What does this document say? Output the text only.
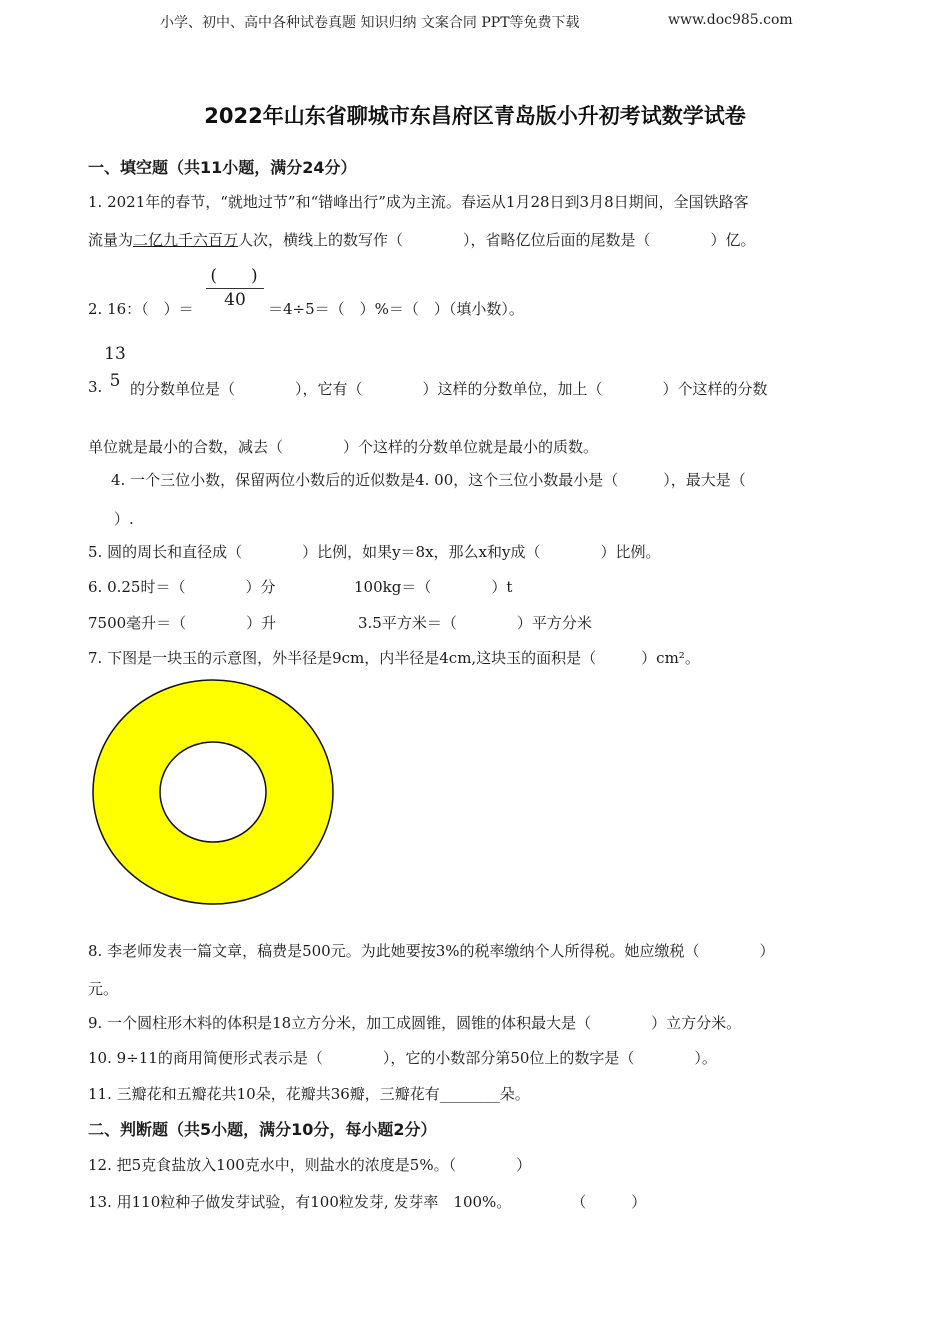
小学、初中、高中各种试卷真题 知识归纳 文案合同 PPT等免费下载	www.doc985.com
2022年山东省聊城市东昌府区青岛版小升初考试数学试卷
一、填空题（共11小题，满分24分）
1. 2021年的春节，“就地过节”和“错峰出行”成为主流。春运从1月28日到3月8日期间，全国铁路客
流量为二亿九千六百万人次，横线上的数写作（　　　　），省略亿位后面的尾数是（　　　　）亿。
2. 16：（　）＝
(　　)
40	＝4÷5＝（　）%＝（　）（填小数）。
3.
13
5 的分数单位是（　　　　），它有（　　　　）这样的分数单位，加上（　　　　）个这样的分数
单位就是最小的合数，减去（　　　　）个这样的分数单位就是最小的质数。
4. 一个三位小数，保留两位小数后的近似数是4. 00，这个三位小数最小是（　　　），最大是（
）.
5. 圆的周长和直径成（　　　　）比例，如果y＝8x，那么x和y成（　　　　）比例。
6. 0.25时＝（　　　　）分	100kg＝（　　　　）t
7500毫升＝（　　　　）升	3.5平方米＝（　　　　）平方分米
7. 下图是一块玉的示意图，外半径是9cm，内半径是4cm,这块玉的面积是（　　　）cm²。
8. 李老师发表一篇文章，稿费是500元。为此她要按3%的税率缴纳个人所得税。她应缴税（　　　　）
元。
9. 一个圆柱形木料的体积是18立方分米，加工成圆锥，圆锥的体积最大是（　　　　）立方分米。
10. 9÷11的商用简便形式表示是（　　　　），它的小数部分第50位上的数字是（　　　　）。
11. 三瓣花和五瓣花共10朵，花瓣共36瓣，三瓣花有________朵。
二、判断题（共5小题，满分10分，每小题2分）
12. 把5克食盐放入100克水中，则盐水的浓度是5%。（　　　　）
13. 用110粒种子做发芽试验，有100粒发芽, 发芽率　100%。　　　　　（　　　）
